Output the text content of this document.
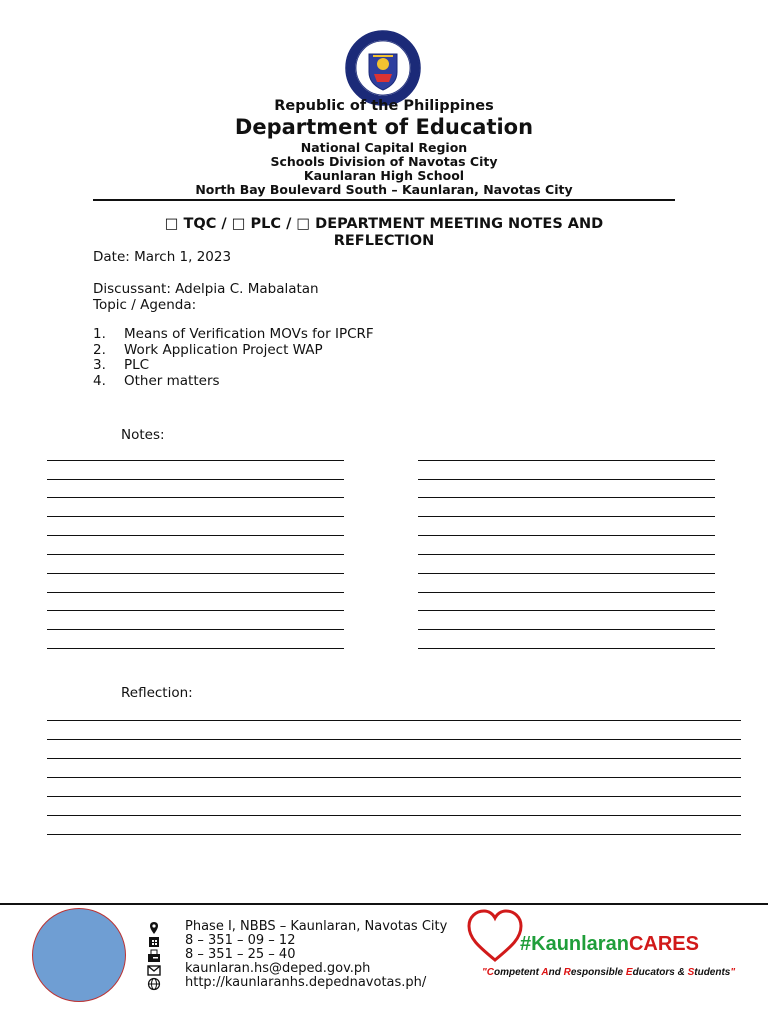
Republic of the Philippines
Department of Education
National Capital Region
Schools Division of Navotas City
Kaunlaran High School
North Bay Boulevard South – Kaunlaran, Navotas City
□ TQC / □ PLC / □ DEPARTMENT MEETING NOTES AND
REFLECTION
Date: March 1, 2023
Discussant: Adelpia C. Mabalatan
Topic / Agenda:
1.	Means of Verification MOVs for IPCRF
2.	Work Application Project WAP
3.	PLC
4.	Other matters
Notes:
Reflection:
Phase I, NBBS – Kaunlaran, Navotas City
8 – 351 – 09 – 12
8 – 351 – 25 – 40
kaunlaran.hs@deped.gov.ph
http://kaunlaranhs.depednavotas.ph/
#KaunlaranCARES
"Competent And Responsible Educators & Students"
